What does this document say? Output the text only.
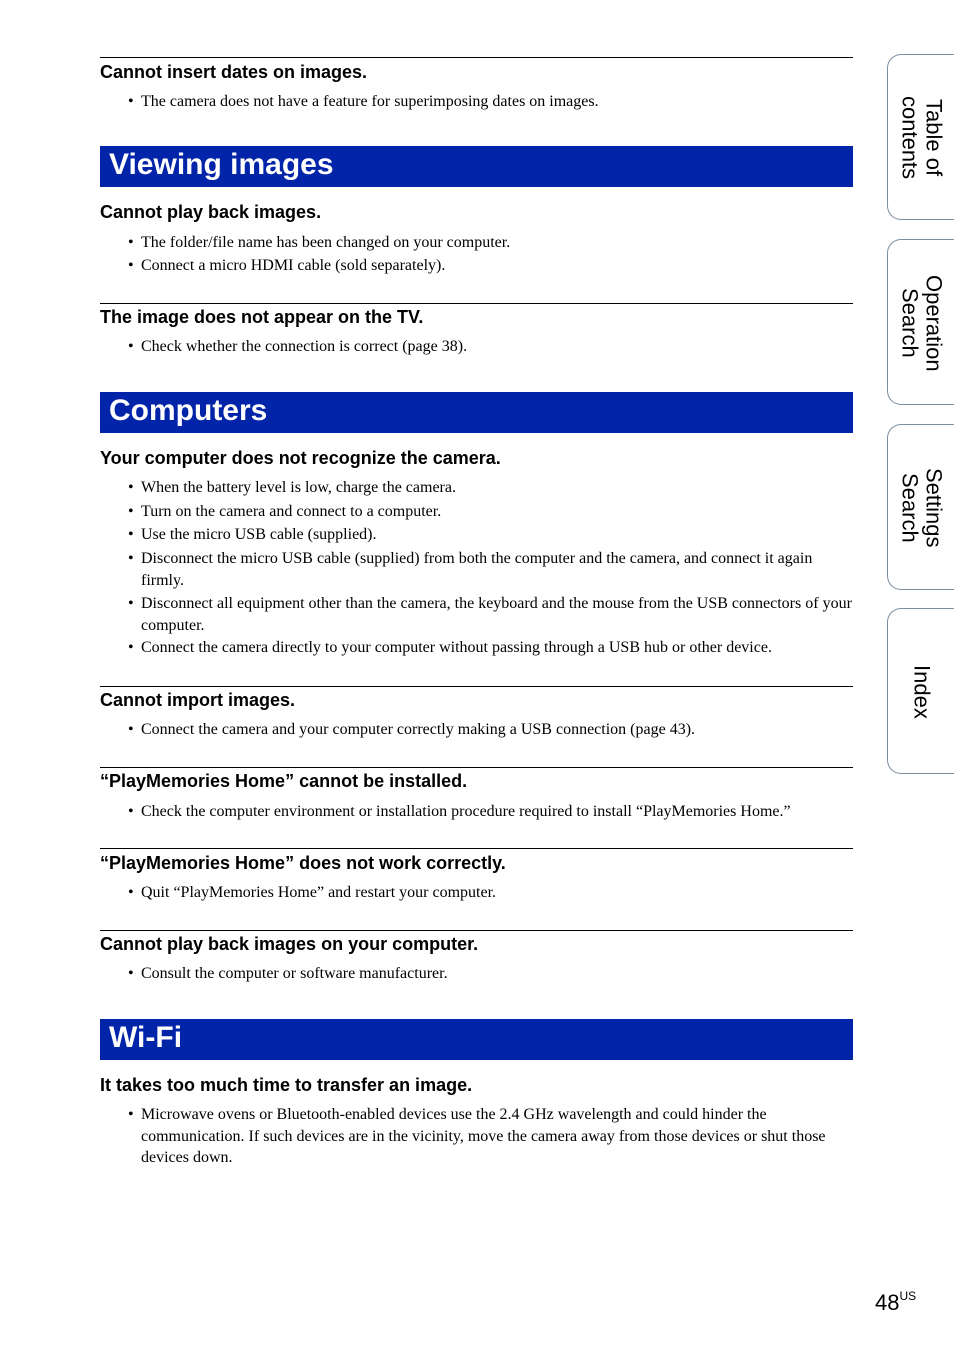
Cannot insert dates on images.

• The camera does not have a feature for superimposing dates on images.
Viewing images

Cannot play back images.

• The folder/file name has been changed on your computer.
• Connect a micro HDMI cable (sold separately).

The image does not appear on the TV.

• Check whether the connection is correct (page 38).
Computers

Your computer does not recognize the camera.

• When the battery level is low, charge the camera.
• Turn on the camera and connect to a computer.
• Use the micro USB cable (supplied).
• Disconnect the micro USB cable (supplied) from both the computer and the camera, and connect it again firmly.
• Disconnect all equipment other than the camera, the keyboard and the mouse from the USB connectors of your computer.
• Connect the camera directly to your computer without passing through a USB hub or other device.

Cannot import images.

• Connect the camera and your computer correctly making a USB connection (page 43).

“PlayMemories Home” cannot be installed.

• Check the computer environment or installation procedure required to install “PlayMemories Home.”

“PlayMemories Home” does not work correctly.

• Quit “PlayMemories Home” and restart your computer.

Cannot play back images on your computer.

• Consult the computer or software manufacturer.
Wi-Fi

It takes too much time to transfer an image.

• Microwave ovens or Bluetooth-enabled devices use the 2.4 GHz wavelength and could hinder the communication. If such devices are in the vicinity, move the camera away from those devices or shut those devices down.
Table of
contents
Operation
Search
Settings
Search
Index
$48^{US}$
